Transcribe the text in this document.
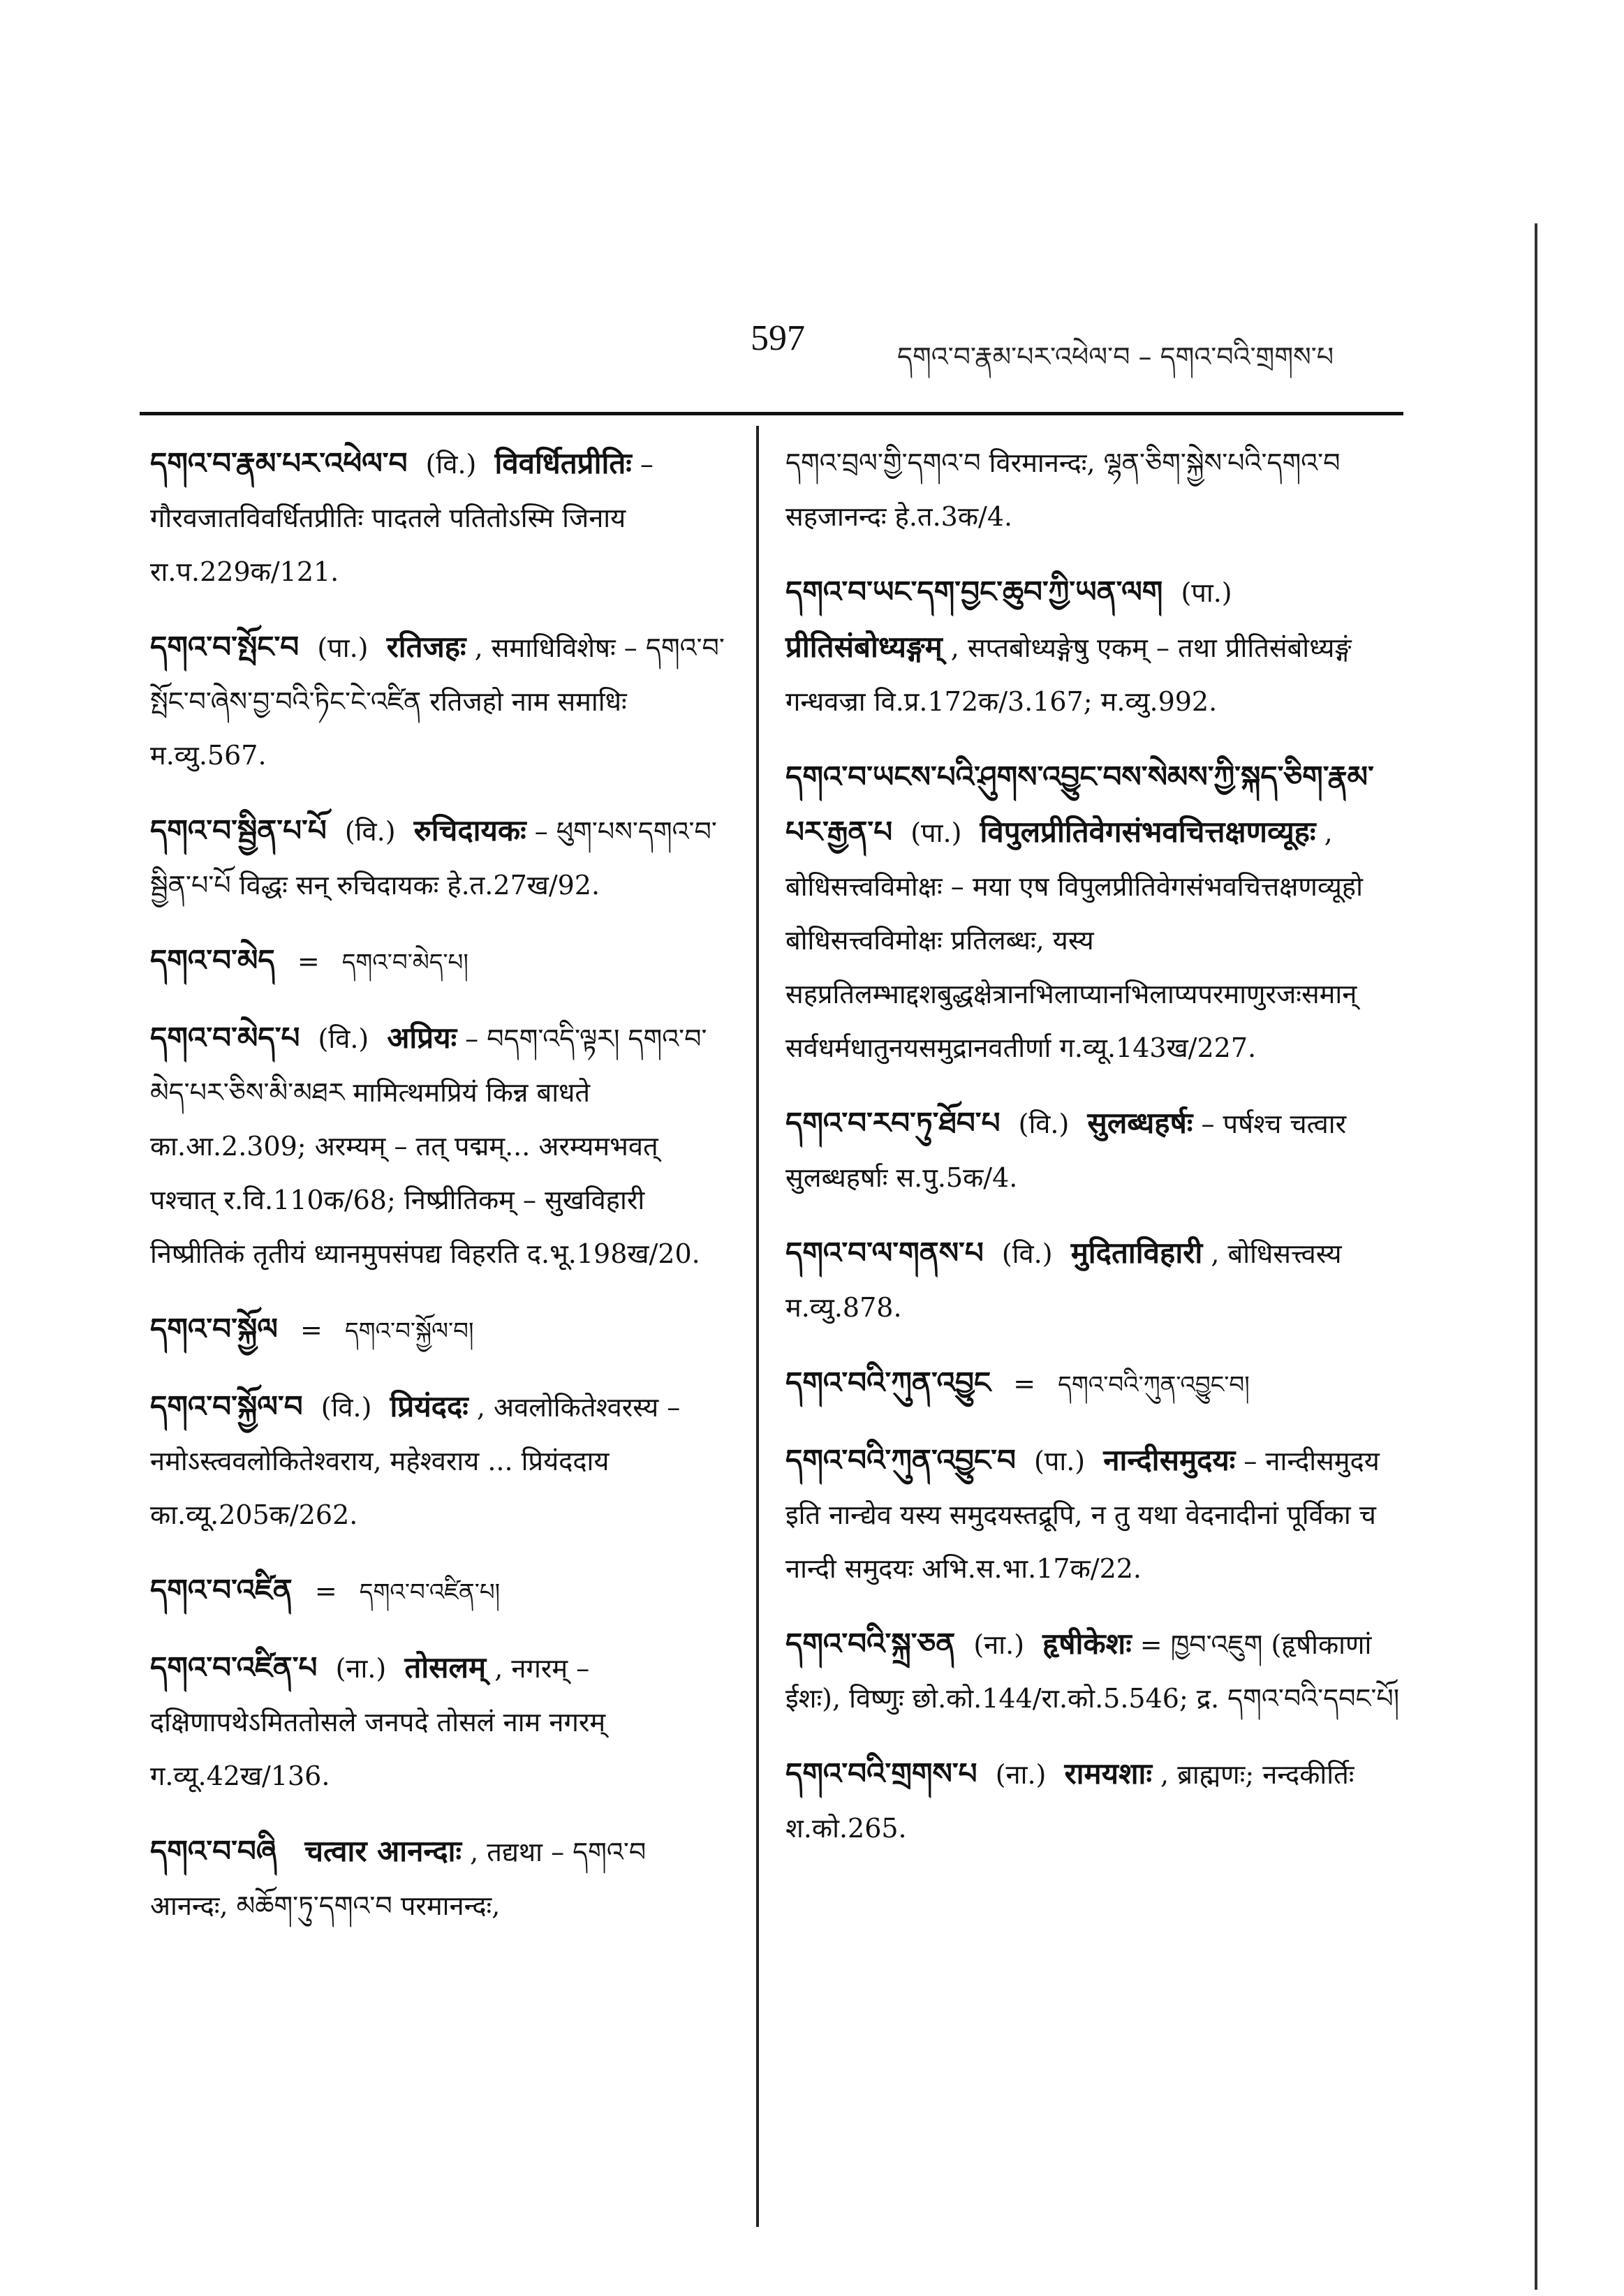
597	དགའ་བ་རྣམ་པར་འཕེལ་བ – དགའ་བའི་གྲགས་པ
དགའ་བ་རྣམ་པར་འཕེལ་བ (वि.) विवर्धितप्रीतिः – गौरवजातविवर्धितप्रीतिः पादतले पतितोऽस्मि जिनाय रा.प.229क/121.
དགའ་བ་སྤོང་བ (पा.) रतिजहः , समाधिविशेषः – དགའ་བ་སྤོང་བ་ཞེས་བྱ་བའི་ཏིང་ངེ་འཛིན रतिजहो नाम समाधिः म.व्यु.567.
དགའ་བ་སྦྱིན་པ་པོ (वि.) रुचिदायकः – ཕུག་པས་དགའ་བ་སྦྱིན་པ་པོ विद्धः सन् रुचिदायकः हे.त.27ख/92.
དགའ་བ་མེད = དགའ་བ་མེད་པ།
དགའ་བ་མེད་པ (वि.) अप्रियः – བདག་འདི་ལྟར། དགའ་བ་མེད་པར་ཅིས་མི་མཐར मामित्थमप्रियं किन्न बाधते का.आ.2.309; अरम्यम् – तत् पद्मम्... अरम्यमभवत् पश्चात् र.वि.110क/68; निष्प्रीतिकम् – सुखविहारी निष्प्रीतिकं तृतीयं ध्यानमुपसंपद्य विहरति द.भू.198ख/20.
དགའ་བ་སྐྱོལ = དགའ་བ་སྐྱོལ་བ།
དགའ་བ་སྐྱོལ་བ (वि.) प्रियंददः , अवलोकितेश्वरस्य – नमोऽस्त्ववलोकितेश्वराय, महेश्वराय ... प्रियंददाय का.व्यू.205क/262.
དགའ་བ་འཛིན = དགའ་བ་འཛིན་པ།
དགའ་བ་འཛིན་པ (ना.) तोसलम् , नगरम् – दक्षिणापथेऽमिततोसले जनपदे तोसलं नाम नगरम् ग.व्यू.42ख/136.
དགའ་བ་བཞི चत्वार आनन्दाः , तद्यथा – དགའ་བ आनन्दः, མཆོག་ཏུ་དགའ་བ परमानन्दः,
དགའ་བྲལ་གྱི་དགའ་བ विरमानन्दः, ལྷན་ཅིག་སྐྱེས་པའི་དགའ་བ सहजानन्दः हे.त.3क/4.
དགའ་བ་ཡང་དག་བྱང་ཆུབ་ཀྱི་ཡན་ལག (पा.) प्रीतिसंबोध्यङ्गम् , सप्तबोध्यङ्गेषु एकम् – तथा प्रीतिसंबोध्यङ्गं गन्धवज्रा वि.प्र.172क/3.167; म.व्यु.992.
དགའ་བ་ཡངས་པའི་ཤུགས་འབྱུང་བས་སེམས་ཀྱི་སྐད་ཅིག་རྣམ་པར་རྒྱན་པ (पा.) विपुलप्रीतिवेगसंभवचित्तक्षणव्यूहः , बोधिसत्त्वविमोक्षः – मया एष विपुलप्रीतिवेगसंभवचित्तक्षणव्यूहो बोधिसत्त्वविमोक्षः प्रतिलब्धः, यस्य सहप्रतिलम्भाद्दशबुद्धक्षेत्रानभिलाप्यानभिलाप्यपरमाणुरजःसमान् सर्वधर्मधातुनयसमुद्रानवतीर्णा ग.व्यू.143ख/227.
དགའ་བ་རབ་ཏུ་ཐོབ་པ (वि.) सुलब्धहर्षः – पर्षश्च चत्वार सुलब्धहर्षाः स.पु.5क/4.
དགའ་བ་ལ་གནས་པ (वि.) मुदिताविहारी , बोधिसत्त्वस्य म.व्यु.878.
དགའ་བའི་ཀུན་འབྱུང = དགའ་བའི་ཀུན་འབྱུང་བ།
དགའ་བའི་ཀུན་འབྱུང་བ (पा.) नान्दीसमुदयः – नान्दीसमुदय इति नान्द्येव यस्य समुदयस्तद्रूपि, न तु यथा वेदनादीनां पूर्विका च नान्दी समुदयः अभि.स.भा.17क/22.
དགའ་བའི་སྐྲ་ཅན (ना.) हृषीकेशः = ཁྱབ་འཇུག (हृषीकाणां ईशः), विष्णुः छो.को.144/रा.को.5.546; द्र. དགའ་བའི་དབང་པོ།
དགའ་བའི་གྲགས་པ (ना.) रामयशाः , ब्राह्मणः; नन्दकीर्तिः श.को.265.
